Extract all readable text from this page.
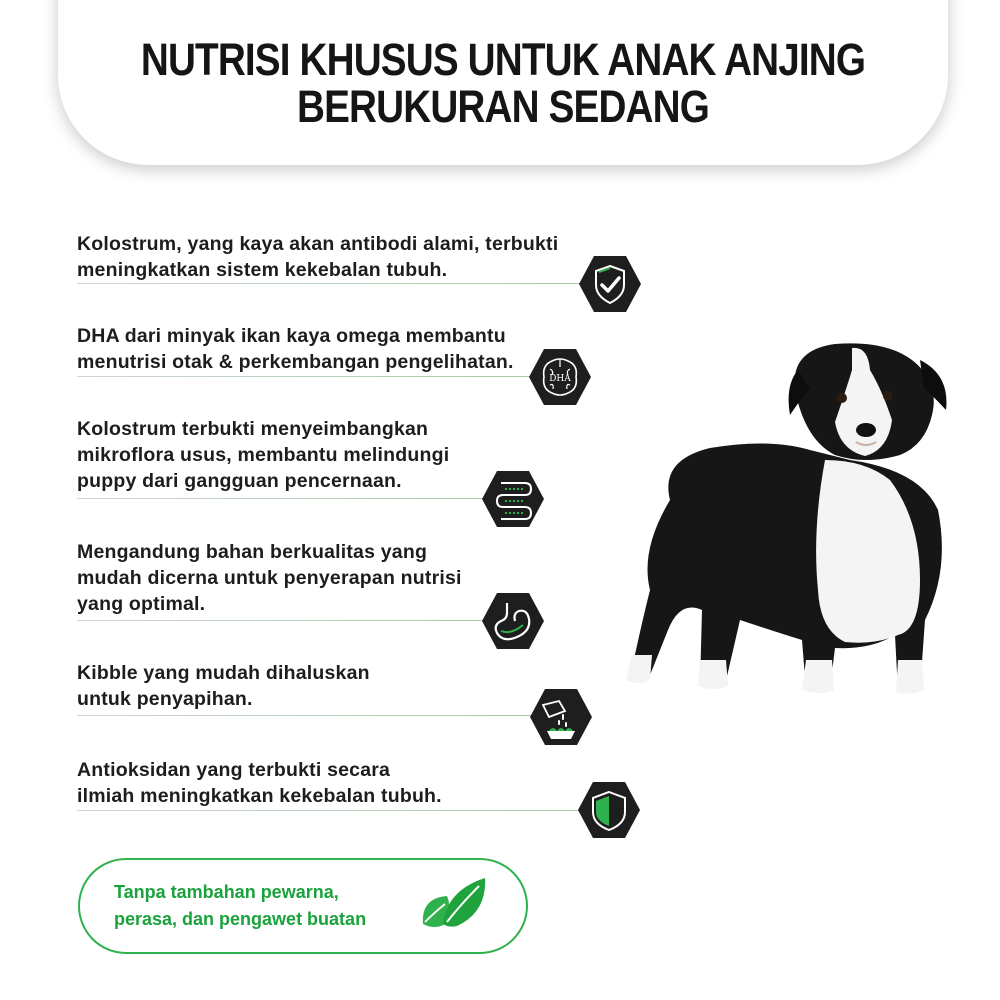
NUTRISI KHUSUS UNTUK ANAK ANJING
BERUKURAN SEDANG

Kolostrum, yang kaya akan antibodi alami, terbukti
meningkatkan sistem kekebalan tubuh.

DHA dari minyak ikan kaya omega membantu
menutrisi otak & perkembangan pengelihatan.

DHA

Kolostrum terbukti menyeimbangkan
mikroflora usus, membantu melindungi
puppy dari gangguan pencernaan.

Mengandung bahan berkualitas yang
mudah dicerna untuk penyerapan nutrisi
yang optimal.

Kibble yang mudah dihaluskan
untuk penyapihan.

Antioksidan yang terbukti secara
ilmiah meningkatkan kekebalan tubuh.

Tanpa tambahan pewarna,
perasa, dan pengawet buatan
